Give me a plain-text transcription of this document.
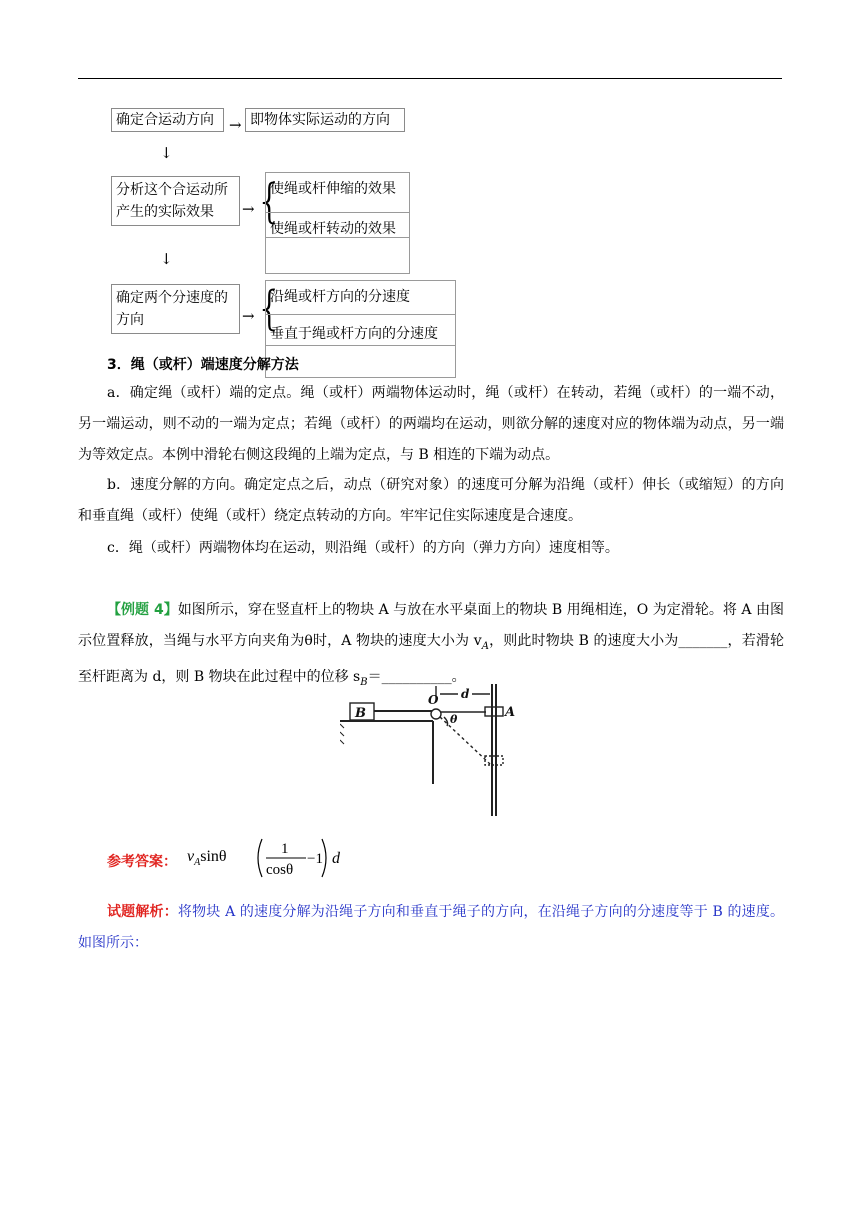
确定合运动方向	→ 即物体实际运动的方向
↓
分析这个合运动所
产生的实际效果	→ {
使绳或杆伸缩的效果
使绳或杆转动的效果
↓
确定两个分速度的
方向	→ {
沿绳或杆方向的分速度
垂直于绳或杆方向的分速度
3．绳（或杆）端速度分解方法
a．确定绳（或杆）端的定点。绳（或杆）两端物体运动时，绳（或杆）在转动，若绳（或杆）的一端不动，另一端运动，则不动的一端为定点；若绳（或杆）的两端均在运动，则欲分解的速度对应的物体端为动点，另一端为等效定点。本例中滑轮右侧这段绳的上端为定点，与 B 相连的下端为动点。
b．速度分解的方向。确定定点之后，动点（研究对象）的速度可分解为沿绳（或杆）伸长（或缩短）的方向和垂直绳（或杆）使绳（或杆）绕定点转动的方向。牢牢记住实际速度是合速度。
c．绳（或杆）两端物体均在运动，则沿绳（或杆）的方向（弹力方向）速度相等。
【例题 4】如图所示，穿在竖直杆上的物块 A 与放在水平桌面上的物块 B 用绳相连，O 为定滑轮。将 A 由图示位置释放，当绳与水平方向夹角为θ时，A 物块的速度大小为 $v_A$，则此时物块 B 的速度大小为_______，若滑轮至杆距离为 d，则 B 物块在此过程中的位移 $s_B=\_\_\_\_\_\_\_\_\_\_$。
B
O
A
d
θ
参考答案： $v_A\sin\theta$	1
cosθ
−1 d
试题解析：将物块 A 的速度分解为沿绳子方向和垂直于绳子的方向，在沿绳子方向的分速度等于 B 的速度。如图所示：
